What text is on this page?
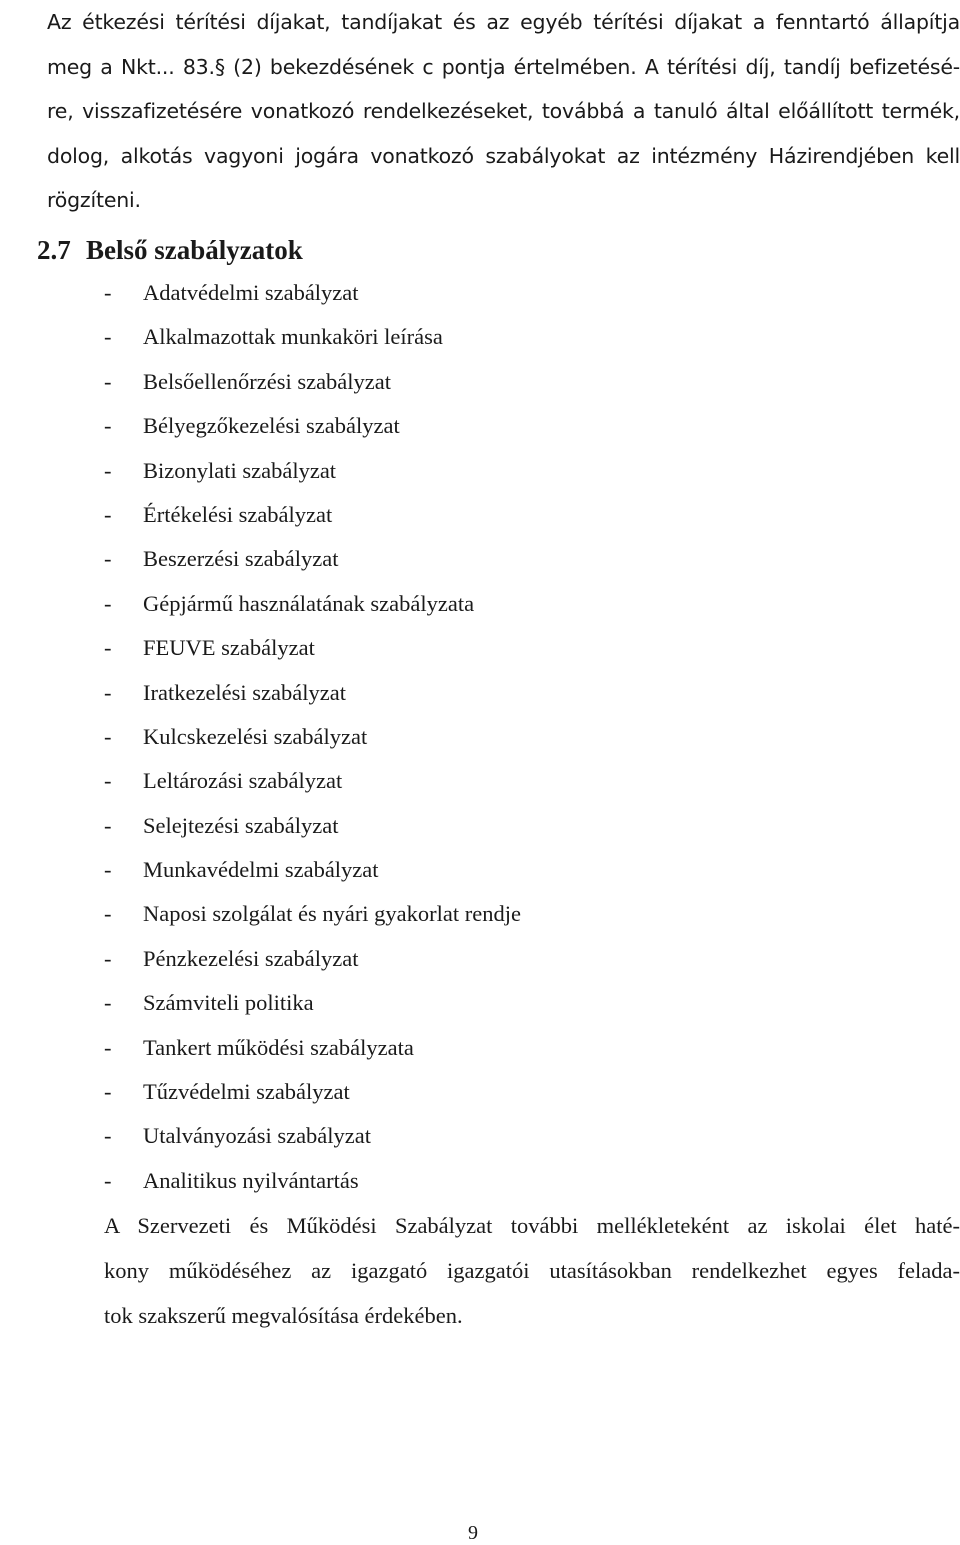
Az étkezési térítési díjakat, tandíjakat és az egyéb térítési díjakat a fenntartó állapítja
meg a Nkt... 83.§ (2) bekezdésének c pontja értelmében. A térítési díj, tandíj befizetésé-
re, visszafizetésére vonatkozó rendelkezéseket, továbbá a tanuló által előállított termék,
dolog, alkotás vagyoni jogára vonatkozó szabályokat az intézmény Házirendjében kell
rögzíteni.
2.7 Belső szabályzatok
- Adatvédelmi szabályzat
- Alkalmazottak munkaköri leírása
- Belsőellenőrzési szabályzat
- Bélyegzőkezelési szabályzat
- Bizonylati szabályzat
- Értékelési szabályzat
- Beszerzési szabályzat
- Gépjármű használatának szabályzata
- FEUVE szabályzat
- Iratkezelési szabályzat
- Kulcskezelési szabályzat
- Leltározási szabályzat
- Selejtezési szabályzat
- Munkavédelmi szabályzat
- Naposi szolgálat és nyári gyakorlat rendje
- Pénzkezelési szabályzat
- Számviteli politika
- Tankert működési szabályzata
- Tűzvédelmi szabályzat
- Utalványozási szabályzat
- Analitikus nyilvántartás
A Szervezeti és Működési Szabályzat további mellékleteként az iskolai élet haté-
kony működéséhez az igazgató igazgatói utasításokban rendelkezhet egyes felada-
tok szakszerű megvalósítása érdekében.
9
